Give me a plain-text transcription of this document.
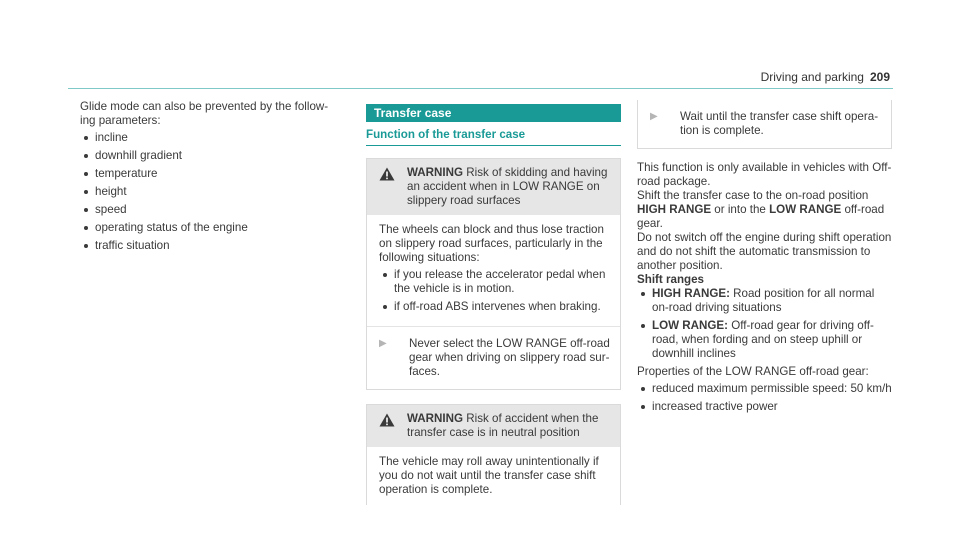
Driving and parking 209

Glide mode can also be prevented by the follow-

ing parameters:

incline
downhill gradient
temperature
height
speed
operating status of the engine
traffic situation
Transfer case
Function of the transfer case
WARNING Risk of skidding and having an accident when in LOW RANGE on slippery road surfaces

The wheels can block and thus lose traction on slippery road surfaces, particularly in the following situations:

if you release the accelerator pedal when the vehicle is in motion.
if off-road ABS intervenes when braking.
▶	Never select the LOW RANGE off-road gear when driving on slippery road surfaces.
WARNING Risk of accident when the transfer case is in neutral position

The vehicle may roll away unintentionally if you do not wait until the transfer case shift operation is complete.

▶	Wait until the transfer case shift operation is complete.

This function is only available in vehicles with Off-road package.

Shift the transfer case to the on-road position HIGH RANGE or into the LOW RANGE off-road gear.

Do not switch off the engine during shift operation and do not shift the automatic transmission to another position.

Shift ranges

HIGH RANGE: Road position for all normal on-road driving situations
LOW RANGE: Off-road gear for driving off-road, when fording and on steep uphill or downhill inclines

Properties of the LOW RANGE off-road gear:

reduced maximum permissible speed: 50 km/h
increased tractive power
